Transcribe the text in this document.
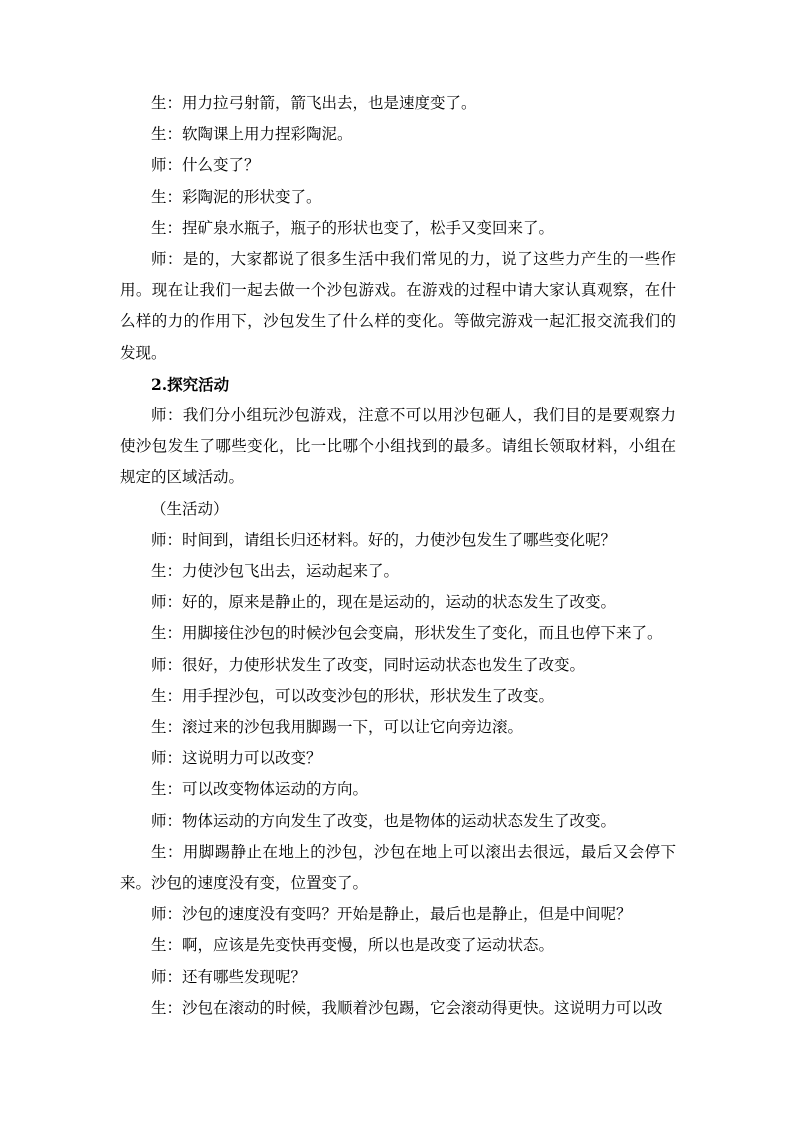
生：用力拉弓射箭，箭飞出去，也是速度变了。

生：软陶课上用力捏彩陶泥。

师：什么变了？

生：彩陶泥的形状变了。

生：捏矿泉水瓶子，瓶子的形状也变了，松手又变回来了。

师：是的，大家都说了很多生活中我们常见的力，说了这些力产生的一些作用。现在让我们一起去做一个沙包游戏。在游戏的过程中请大家认真观察，在什么样的力的作用下，沙包发生了什么样的变化。等做完游戏一起汇报交流我们的发现。

2.探究活动

师：我们分小组玩沙包游戏，注意不可以用沙包砸人，我们目的是要观察力使沙包发生了哪些变化，比一比哪个小组找到的最多。请组长领取材料，小组在规定的区域活动。

（生活动）

师：时间到，请组长归还材料。好的，力使沙包发生了哪些变化呢？

生：力使沙包飞出去，运动起来了。

师：好的，原来是静止的，现在是运动的，运动的状态发生了改变。

生：用脚接住沙包的时候沙包会变扁，形状发生了变化，而且也停下来了。

师：很好，力使形状发生了改变，同时运动状态也发生了改变。

生：用手捏沙包，可以改变沙包的形状，形状发生了改变。

生：滚过来的沙包我用脚踢一下，可以让它向旁边滚。

师：这说明力可以改变？

生：可以改变物体运动的方向。

师：物体运动的方向发生了改变，也是物体的运动状态发生了改变。

生：用脚踢静止在地上的沙包，沙包在地上可以滚出去很远，最后又会停下来。沙包的速度没有变，位置变了。

师：沙包的速度没有变吗？开始是静止，最后也是静止，但是中间呢？

生：啊，应该是先变快再变慢，所以也是改变了运动状态。

师：还有哪些发现呢？

生：沙包在滚动的时候，我顺着沙包踢，它会滚动得更快。这说明力可以改
